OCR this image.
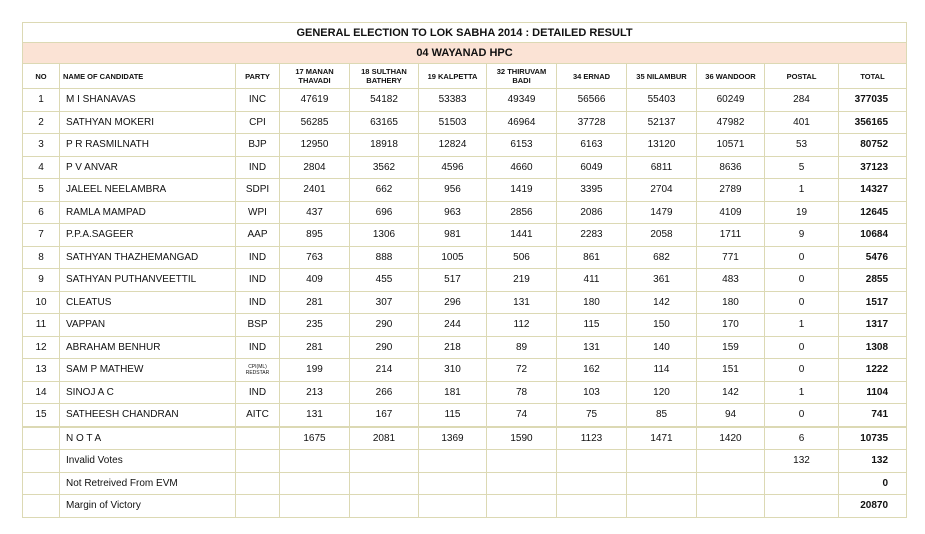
GENERAL ELECTION TO LOK SABHA 2014 : DETAILED RESULT											
04 WAYANAD HPC											
NO	NAME OF CANDIDATE	PARTY	17 MANAN THAVADI	18 SULTHAN BATHERY	19 KALPETTA	32 THIRUVAM BADI	34 ERNAD	35 NILAMBUR	36 WANDOOR	POSTAL	TOTAL
1	M I SHANAVAS	INC	47619	54182	53383	49349	56566	55403	60249	284	377035
2	SATHYAN MOKERI	CPI	56285	63165	51503	46964	37728	52137	47982	401	356165
3	P R RASMILNATH	BJP	12950	18918	12824	6153	6163	13120	10571	53	80752
4	P V ANVAR	IND	2804	3562	4596	4660	6049	6811	8636	5	37123
5	JALEEL NEELAMBRA	SDPI	2401	662	956	1419	3395	2704	2789	1	14327
6	RAMLA MAMPAD	WPI	437	696	963	2856	2086	1479	4109	19	12645
7	P.P.A.SAGEER	AAP	895	1306	981	1441	2283	2058	1711	9	10684
8	SATHYAN THAZHEMANGAD	IND	763	888	1005	506	861	682	771	0	5476
9	SATHYAN PUTHANVEETTIL	IND	409	455	517	219	411	361	483	0	2855
10	CLEATUS	IND	281	307	296	131	180	142	180	0	1517
11	VAPPAN	BSP	235	290	244	112	115	150	170	1	1317
12	ABRAHAM BENHUR	IND	281	290	218	89	131	140	159	0	1308
13	SAM P MATHEW	CPI(ML) REDSTAR	199	214	310	72	162	114	151	0	1222
14	SINOJ A C	IND	213	266	181	78	103	120	142	1	1104
15	SATHEESH CHANDRAN	AITC	131	167	115	74	75	85	94	0	741
	N O T A		1675	2081	1369	1590	1123	1471	1420	6	10735
	Invalid Votes									132	132
	Not Retreived From EVM										0
	Margin of Victory										20870
